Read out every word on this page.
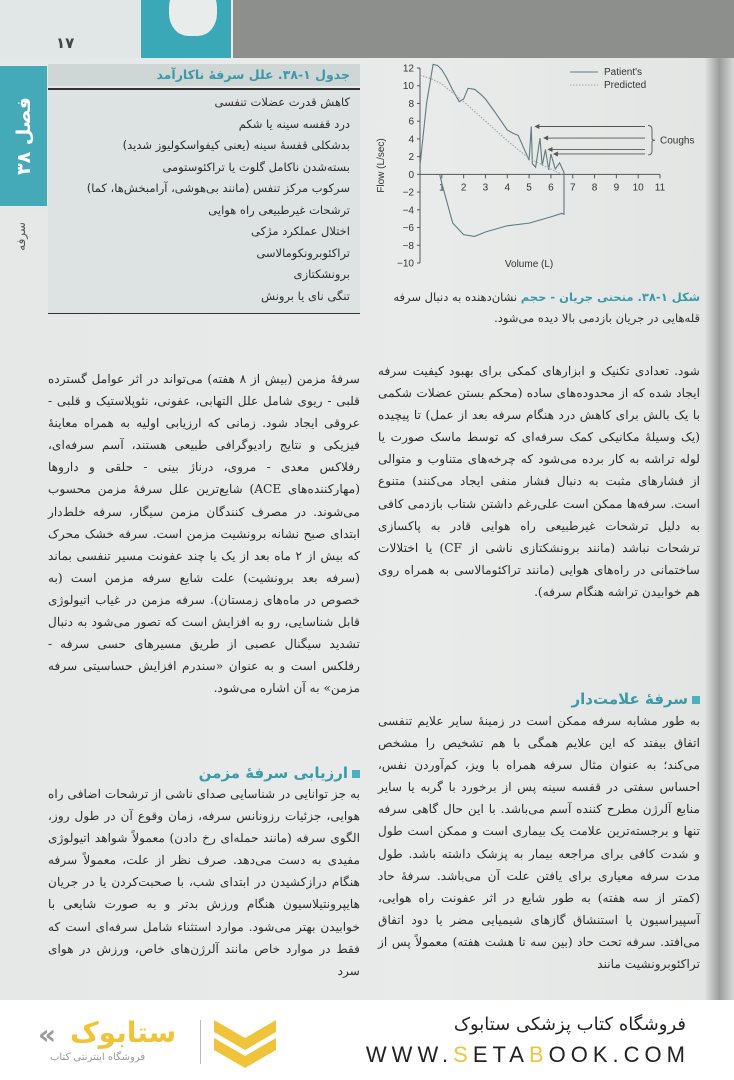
۱۷
فصل ۳۸
سرفه
جدول ۱-۳۸. علل سرفهٔ ناکارآمد
کاهش قدرت عضلات تنفسی
درد قفسه سینه یا شکم
بدشکلی قفسهٔ سینه (یعنی کیفواسکولیوز شدید)
بسته‌شدن ناکامل گلوت یا تراکئوستومی
سرکوب مرکز تنفس (مانند بی‌هوشی، آرامبخش‌ها، کما)
ترشحات غیرطبیعی راه هوایی
اختلال عملکرد مژکی
تراکئوبرونکومالاسی
برونشکتازی
تنگی نای یا برونش
12
10
8
6
4
2
0
−2
−4
−6
−8
−10
1 2 3 4 5 6 7 8 9 10 11
Volume (L)
Flow (L/sec)
Patient's
Predicted
Coughs
شکل ۱-۳۸. منحنی جریان - حجم نشان‌دهنده به دنبال سرفه قله‌هایی در جریان بازدمی بالا دیده می‌شود.

سرفهٔ مزمن (بیش از ۸ هفته) می‌تواند در اثر عوامل گسترده قلبی - ریوی شامل علل التهابی، عفونی، نئوپلاستیک و قلبی - عروقی ایجاد شود. زمانی که ارزیابی اولیه به همراه معاینهٔ فیزیکی و نتایج رادیوگرافی طبیعی هستند، آسم سرفه‌ای، رفلاکس معدی - مروی، درناژ بینی - حلقی و داروها (مهارکننده‌های ACE) شایع‌ترین علل سرفهٔ مزمن محسوب می‌شوند. در مصرف کنندگان مزمن سیگار، سرفه خلط‌دار ابتدای صبح نشانه برونشیت مزمن است. سرفه خشک محرک که بیش از ۲ ماه بعد از یک یا چند عفونت مسیر تنفسی بماند (سرفه بعد برونشیت) علت شایع سرفه مزمن است (به خصوص در ماه‌های زمستان). سرفه مزمن در غیاب اتیولوژی قابل شناسایی، رو به افزایش است که تصور می‌شود به دنبال تشدید سیگنال عصبی از طریق مسیرهای حسی سرفه - رفلکس است و به عنوان «سندرم افزایش حساسیتی سرفه مزمن» به آن اشاره می‌شود.

ارزیابی سرفهٔ مزمن

به جز توانایی در شناسایی صدای ناشی از ترشحات اضافی راه هوایی، جزئیات رزونانس سرفه، زمان وقوع آن در طول روز، الگوی سرفه (مانند حمله‌ای رخ دادن) معمولاً شواهد اتیولوژی مفیدی به دست می‌دهد. صرف نظر از علت، معمولاً سرفه هنگام درازکشیدن در ابتدای شب، با صحبت‌کردن یا در جریان هایپرونتیلاسیون هنگام ورزش بدتر و به صورت شایعی با خوابیدن بهتر می‌شود. موارد استثناء شامل سرفه‌ای است که فقط در موارد خاص مانند آلرژن‌های خاص، ورزش در هوای سرد

شود. تعدادی تکنیک و ابزارهای کمکی برای بهبود کیفیت سرفه ایجاد شده که از محدوده‌های ساده (محکم بستن عضلات شکمی با یک بالش برای کاهش درد هنگام سرفه بعد از عمل) تا پیچیده (یک وسیلهٔ مکانیکی کمک سرفه‌ای که توسط ماسک صورت یا لوله تراشه به کار برده می‌شود که چرخه‌های متناوب و متوالی از فشارهای مثبت به دنبال فشار منفی ایجاد می‌کنند) متنوع است. سرفه‌ها ممکن است علی‌رغم داشتن شتاب بازدمی کافی به دلیل ترشحات غیرطبیعی راه هوایی قادر به پاکسازی ترشحات نباشد (مانند برونشکتازی ناشی از CF) یا اختلالات ساختمانی در راه‌های هوایی (مانند تراکئومالاسی به همراه روی هم خوابیدن تراشه هنگام سرفه).

سرفهٔ علامت‌دار

به طور مشابه سرفه ممکن است در زمینهٔ سایر علایم تنفسی اتفاق بیفتد که این علایم همگی با هم تشخیص را مشخص می‌کند؛ به عنوان مثال سرفه همراه با ویز، کم‌آوردن نفس، احساس سفتی در قفسه سینه پس از برخورد با گربه یا سایر منابع آلرژن مطرح کننده آسم می‌باشد. با این حال گاهی سرفه تنها و برجسته‌ترین علامت یک بیماری است و ممکن است طول و شدت کافی برای مراجعه بیمار به پزشک داشته باشد. طول مدت سرفه معیاری برای یافتن علت آن می‌باشد. سرفهٔ حاد (کمتر از سه هفته) به طور شایع در اثر عفونت راه هوایی، آسپیراسیون یا استنشاق گازهای شیمیایی مضر یا دود اتفاق می‌افتد. سرفه تحت حاد (بین سه تا هشت هفته) معمولاً پس از تراکئوبرونشیت مانند

« ستابوک
فروشگاه اینترنتی کتاب
فروشگاه کتاب پزشکی ستابوک
WWW.SETABOOK.COM
